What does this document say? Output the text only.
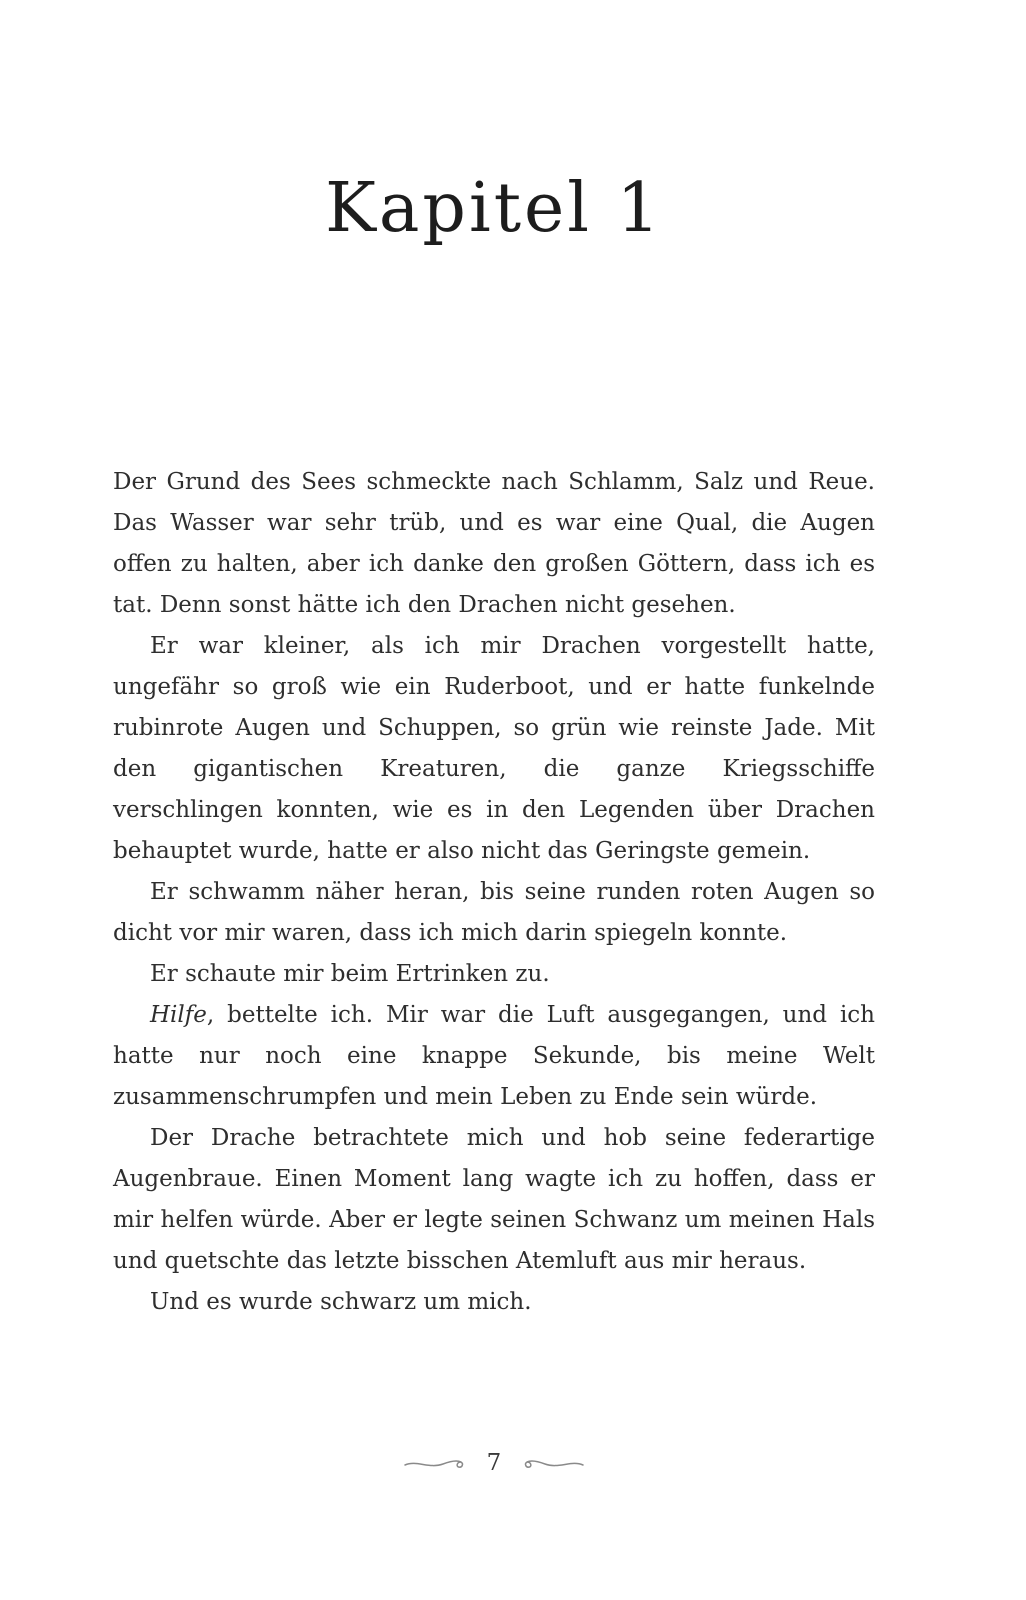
Kapitel 1

Der Grund des Sees schmeckte nach Schlamm, Salz und Reue. Das Wasser war sehr trüb, und es war eine Qual, die Augen offen zu halten, aber ich danke den großen Göttern, dass ich es tat. Denn sonst hätte ich den Drachen nicht gesehen.

Er war kleiner, als ich mir Drachen vorgestellt hatte, ungefähr so groß wie ein Ruderboot, und er hatte funkelnde rubinrote Augen und Schuppen, so grün wie reinste Jade. Mit den gigantischen Kreaturen, die ganze Kriegsschiffe verschlingen konnten, wie es in den Legenden über Drachen behauptet wurde, hatte er also nicht das Geringste gemein.

Er schwamm näher heran, bis seine runden roten Augen so dicht vor mir waren, dass ich mich darin spiegeln konnte.

Er schaute mir beim Ertrinken zu.

Hilfe, bettelte ich. Mir war die Luft ausgegangen, und ich hatte nur noch eine knappe Sekunde, bis meine Welt zusammenschrumpfen und mein Leben zu Ende sein würde.

Der Drache betrachtete mich und hob seine federartige Augenbraue. Einen Moment lang wagte ich zu hoffen, dass er mir helfen würde. Aber er legte seinen Schwanz um meinen Hals und quetschte das letzte bisschen Atemluft aus mir heraus.

Und es wurde schwarz um mich.

7
